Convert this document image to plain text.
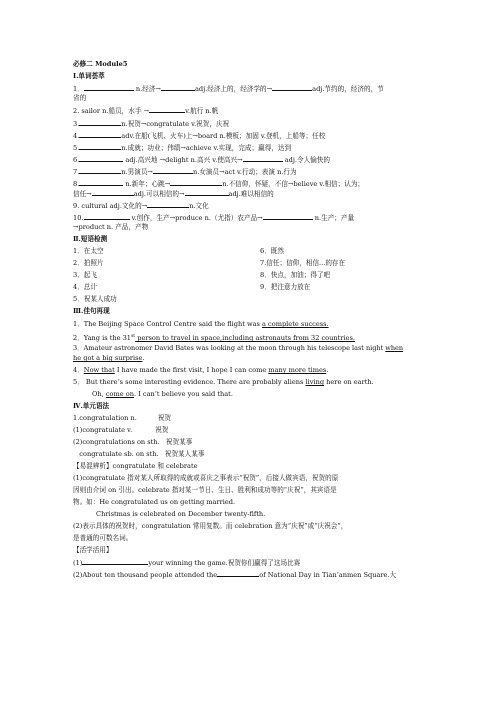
必修二 Module5
Ⅰ.单词荟萃
1．	n.经济→	adj.经济上的，经济学的→	adj.节约的，经济的，节
省的
2. sailor n.船员，水手 →	v.航行 n.帆
3.	n.祝贺→congratulate v.祝贺，庆祝
4.	adv.在船(飞机、火车)上→board n.模板；加固 v.登机，上船等；任校
5.	n.成就；功业；伟绩→achieve v.实现，完成；赢得，达到
6.	adj.高兴地 →delight n.高兴 v.使高兴→	adj.令人愉快的
7.	n.男演员→	n.女演员→act v.行动；表演 n.行为
8.	n.新年；心跳→	n.不信仰，怀疑，不信→believe v.相信；认为；
信任→	adj.可以相信的→	adj.难以相信的
9. cultural adj.文化的→	n.文化
10.	v.创作，生产→produce n.（尤指）农产品→	n.生产；产量
→product n. 产品，产物
Ⅱ.短语检测
1．在太空
2．拍照片
3．起飞
4．总计
5．祝某人成功
6．既然
7.信任；信仰，相信...的存在
8．快点，加油；得了吧
9．把注意力放在
Ⅲ.佳句再现
1．The Beijing Space Control Centre said the flight was a complete success.
2．Yang is the 31st person to travel in space,including astronauts from 32 countries.
3．Amateur astronomer David Bates was looking at the moon through his telescope last night when
he got a big surprise.
4．Now that I have made the first visit, I hope I can come many more times.
5． But there’s some interesting evidence. There are probably aliens living here on earth.
Oh, come on. I can’t believe you said that.
Ⅳ.单元语法
1.congratulation n.          祝贺
(1)congratulate v.           祝贺
(2)congratulations on sth.   祝贺某事
congratulate sb. on sth.   祝贺某人某事
【易混辨析】congratulate 和 celebrate
(1)congratulate 指对某人所取得的成就或喜庆之事表示“祝贺”，后接人做宾语，祝贺的原
因则由介词 on 引出。celebrate 指对某一节日、生日、胜利和成功等的“庆祝”，其宾语是
物。如：He congratulated us on getting married.
Christmas is celebrated on December twenty-fifth.
(2)表示具体的祝贺时，congratulation 常用复数。而 celebration 意为“庆祝”或“庆祝会”，
是普通的可数名词。
【活学活用】
(1)	your winning the game.祝贺你们赢得了这场比赛
(2)About ten thousand people attended the	of National Day in Tian’anmen Square.大
